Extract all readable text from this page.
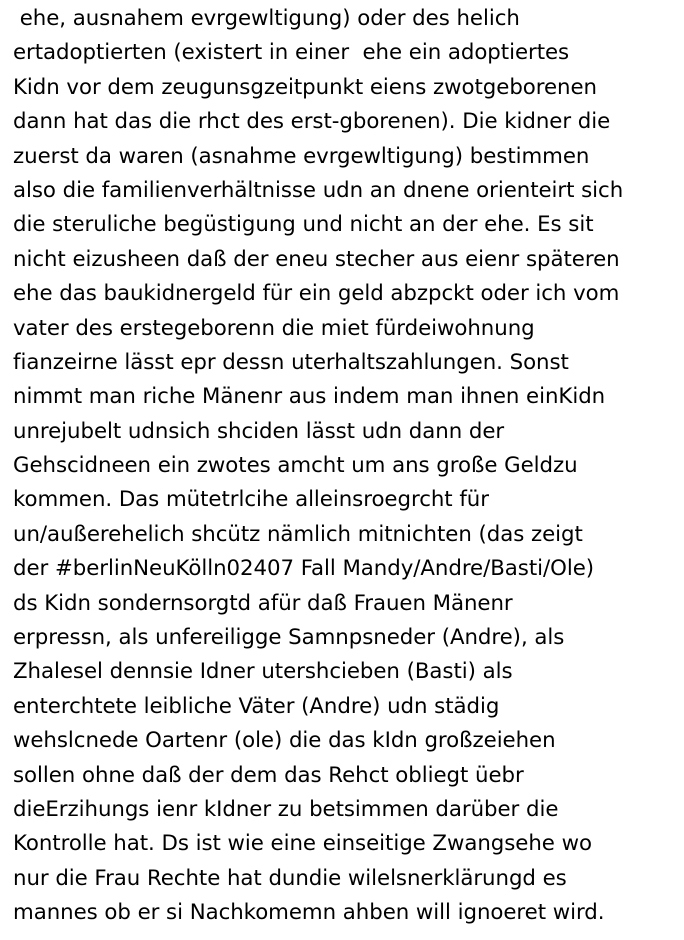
ehe, ausnahem evrgewltigung) oder des helich
ertadoptierten (existert in einer  ehe ein adoptiertes
Kidn vor dem zeugunsgzeitpunkt eiens zwotgeborenen
dann hat das die rhct des erst-gborenen). Die kidner die
zuerst da waren (asnahme evrgewltigung) bestimmen
also die familienverhältnisse udn an dnene orienteirt sich
die steruliche begüstigung und nicht an der ehe. Es sit
nicht eizusheen daß der eneu stecher aus eienr späteren
ehe das baukidnergeld für ein geld abzpckt oder ich vom
vater des erstegeborenn die miet fürdeiwohnung
fianzeirne lässt epr dessn uterhaltszahlungen. Sonst
nimmt man riche Mänenr aus indem man ihnen einKidn
unrejubelt udnsich shciden lässt udn dann der
Gehscidneen ein zwotes amcht um ans große Geldzu
kommen. Das mütetrlcihe alleinsroegrcht für
un/außerehelich shcütz nämlich mitnichten (das zeigt
der #berlinNeuKölln02407 Fall Mandy/Andre/Basti/Ole)
ds Kidn sondernsorgtd afür daß Frauen Mänenr
erpressn, als unfereiligge Samnpsneder (Andre), als
Zhalesel dennsie Idner utershcieben (Basti) als
enterchtete leibliche Väter (Andre) udn städig
wehslcnede Oartenr (ole) die das kIdn großzeiehen
sollen ohne daß der dem das Rehct obliegt üebr
dieErzihungs ienr kIdner zu betsimmen darüber die
Kontrolle hat. Ds ist wie eine einseitige Zwangsehe wo
nur die Frau Rechte hat dundie wilelsnerklärungd es
mannes ob er si Nachkomemn ahben will ignoeret wird.
